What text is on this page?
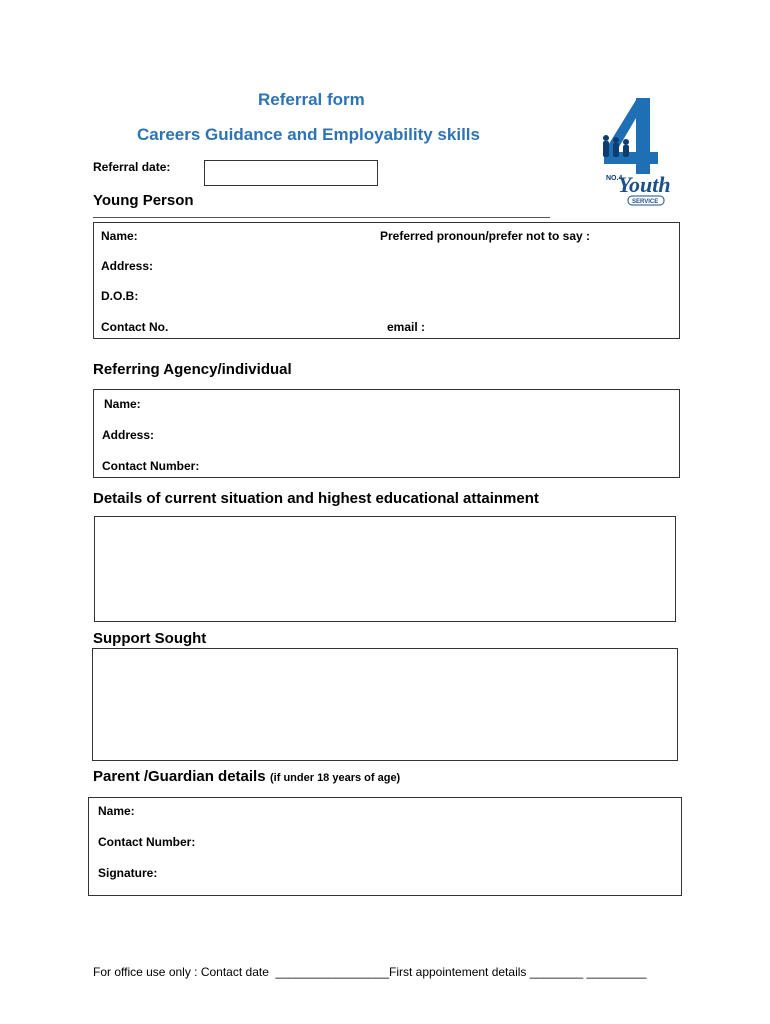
Referral form
Careers Guidance and Employability skills
Referral date:
NO.4
Youth
SERVICE
Young Person
Name:	Preferred pronoun/prefer not to say :
Address:
D.O.B:
Contact No.	email :
Referring Agency/individual
Name:
Address:
Contact Number:
Details of current situation and highest educational attainment
Support Sought
Parent /Guardian details (if under 18 years of age)
Name:
Contact Number:
Signature:
For office use only : Contact date  _________________First appointement details ________ _________
